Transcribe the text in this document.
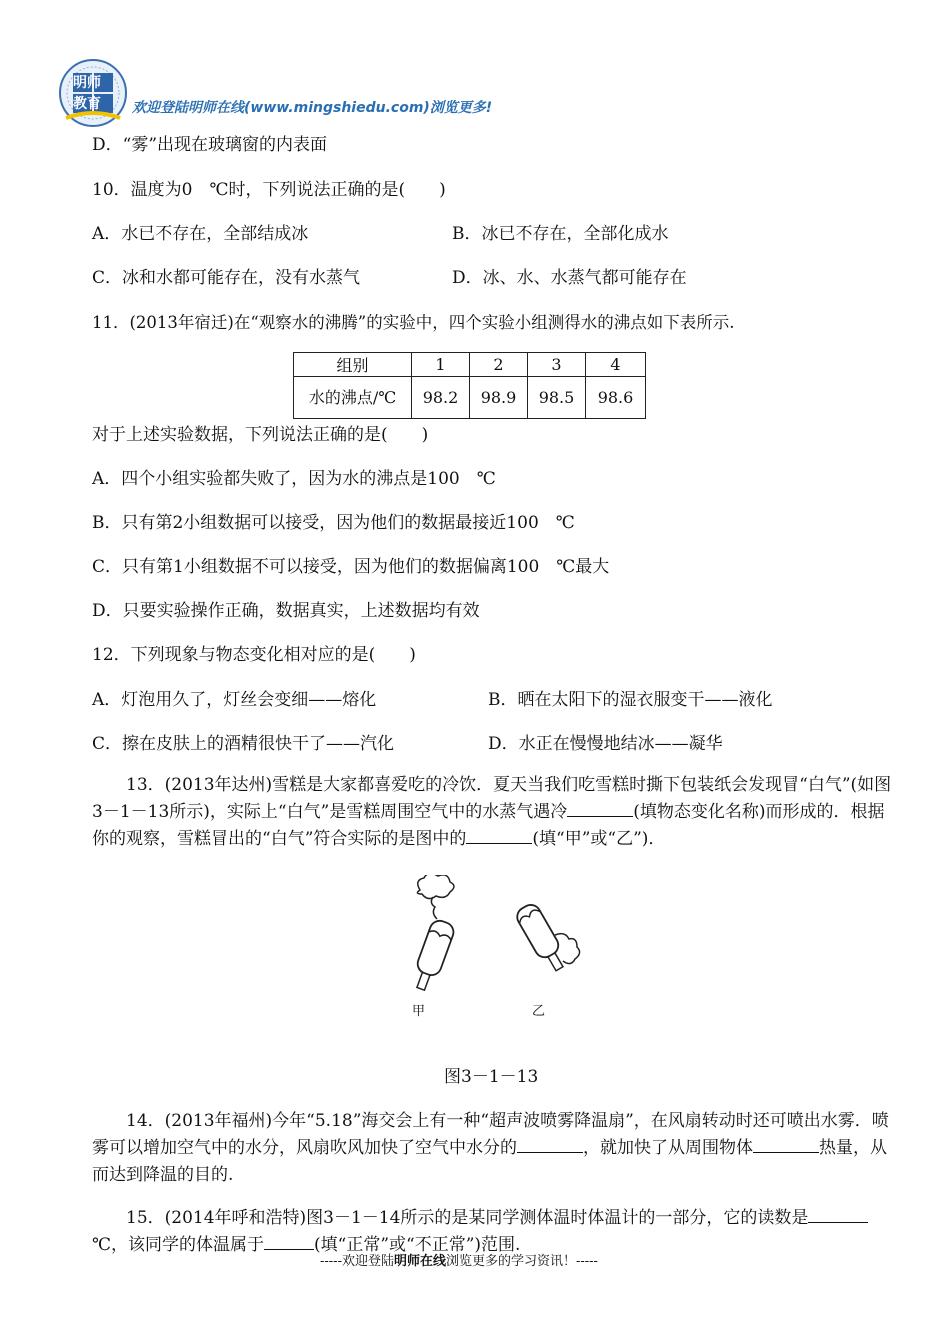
明师
教育	欢迎登陆明师在线(www.mingshiedu.com)浏览更多!
D．“雾”出现在玻璃窗的内表面
10．温度为0　℃时，下列说法正确的是(　　)
A．水已不存在，全部结成冰	B．冰已不存在，全部化成水
C．冰和水都可能存在，没有水蒸气	D．冰、水、水蒸气都可能存在
11．(2013年宿迁)在“观察水的沸腾”的实验中，四个实验小组测得水的沸点如下表所示.
组别	1	2	3	4
水的沸点/℃	98.2	98.9	98.5	98.6
对于上述实验数据，下列说法正确的是(　　)
A．四个小组实验都失败了，因为水的沸点是100　℃
B．只有第2小组数据可以接受，因为他们的数据最接近100　℃
C．只有第1小组数据不可以接受，因为他们的数据偏离100　℃最大
D．只要实验操作正确，数据真实，上述数据均有效
12．下列现象与物态变化相对应的是(　　)
A．灯泡用久了，灯丝会变细——熔化	B．晒在太阳下的湿衣服变干——液化
C．擦在皮肤上的酒精很快干了——汽化	D．水正在慢慢地结冰——凝华
13．(2013年达州)雪糕是大家都喜爱吃的冷饮．夏天当我们吃雪糕时撕下包装纸会发现冒“白气”(如图3－1－13所示)，实际上“白气”是雪糕周围空气中的水蒸气遇冷	(填物态变化名称)而形成的．根据你的观察，雪糕冒出的“白气”符合实际的是图中的	(填“甲”或“乙”)．
甲	乙
图3－1－13
14．(2013年福州)今年“5.18”海交会上有一种“超声波喷雾降温扇”，在风扇转动时还可喷出水雾．喷雾可以增加空气中的水分，风扇吹风加快了空气中水分的	，就加快了从周围物体	热量，从而达到降温的目的.
15．(2014年呼和浩特)图3－1－14所示的是某同学测体温时体温计的一部分，它的读数是℃，该同学的体温属于	(填“正常”或“不正常”)范围.
-----欢迎登陆明师在线浏览更多的学习资讯！-----
